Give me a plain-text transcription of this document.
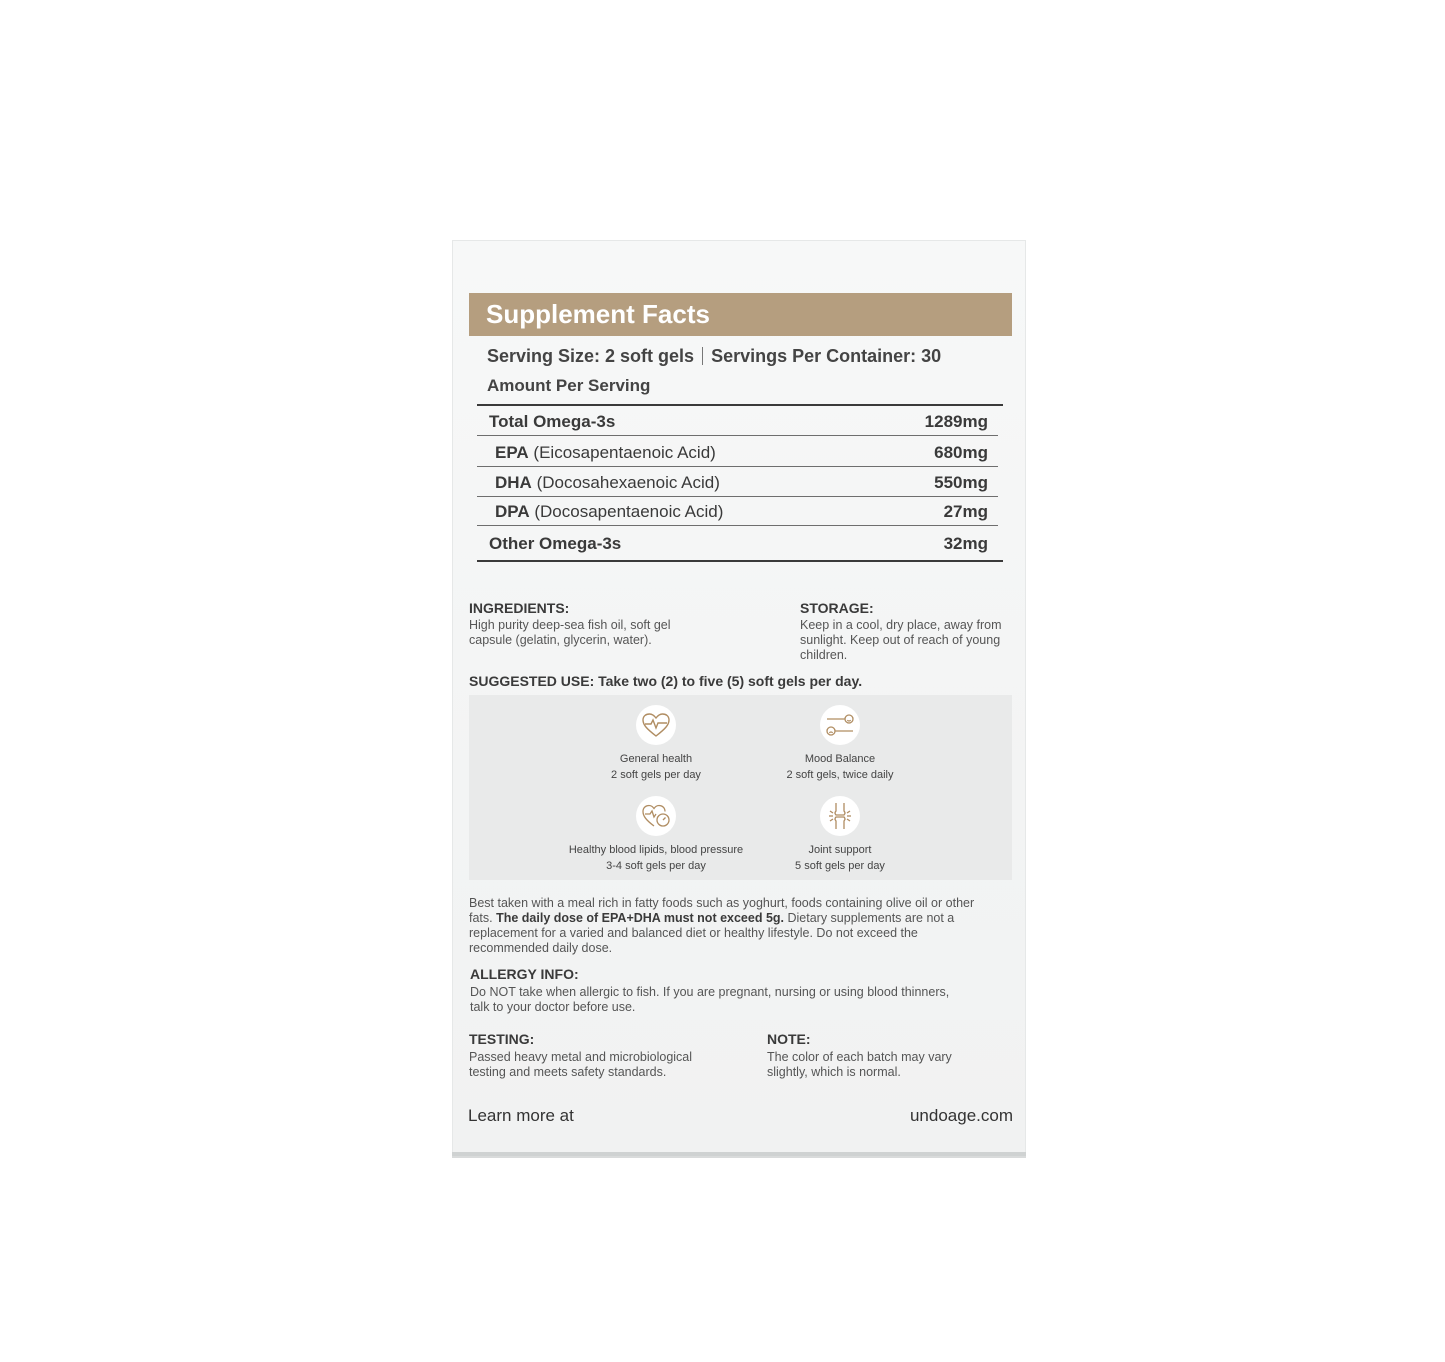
Supplement Facts
Serving Size: 2 soft gels Servings Per Container: 30
Amount Per Serving
Total Omega-3s	1289mg
EPA (Eicosapentaenoic Acid)	680mg
DHA (Docosahexaenoic Acid)	550mg
DPA (Docosapentaenoic Acid)	27mg
Other Omega-3s	32mg
INGREDIENTS:
High purity deep-sea fish oil, soft gel
capsule (gelatin, glycerin, water).
STORAGE:
Keep in a cool, dry place, away from
sunlight. Keep out of reach of young
children.
SUGGESTED USE: Take two (2) to five (5) soft gels per day.
General health
2 soft gels per day
Mood Balance
2 soft gels, twice daily
Healthy blood lipids, blood pressure
3-4 soft gels per day
Joint support
5 soft gels per day
Best taken with a meal rich in fatty foods such as yoghurt, foods containing olive oil or other
fats. The daily dose of EPA+DHA must not exceed 5g. Dietary supplements are not a
replacement for a varied and balanced diet or healthy lifestyle. Do not exceed the
recommended daily dose.
ALLERGY INFO:
Do NOT take when allergic to fish. If you are pregnant, nursing or using blood thinners,
talk to your doctor before use.
TESTING:
Passed heavy metal and microbiological
testing and meets safety standards.
NOTE:
The color of each batch may vary
slightly, which is normal.
Learn more at	undoage.com
